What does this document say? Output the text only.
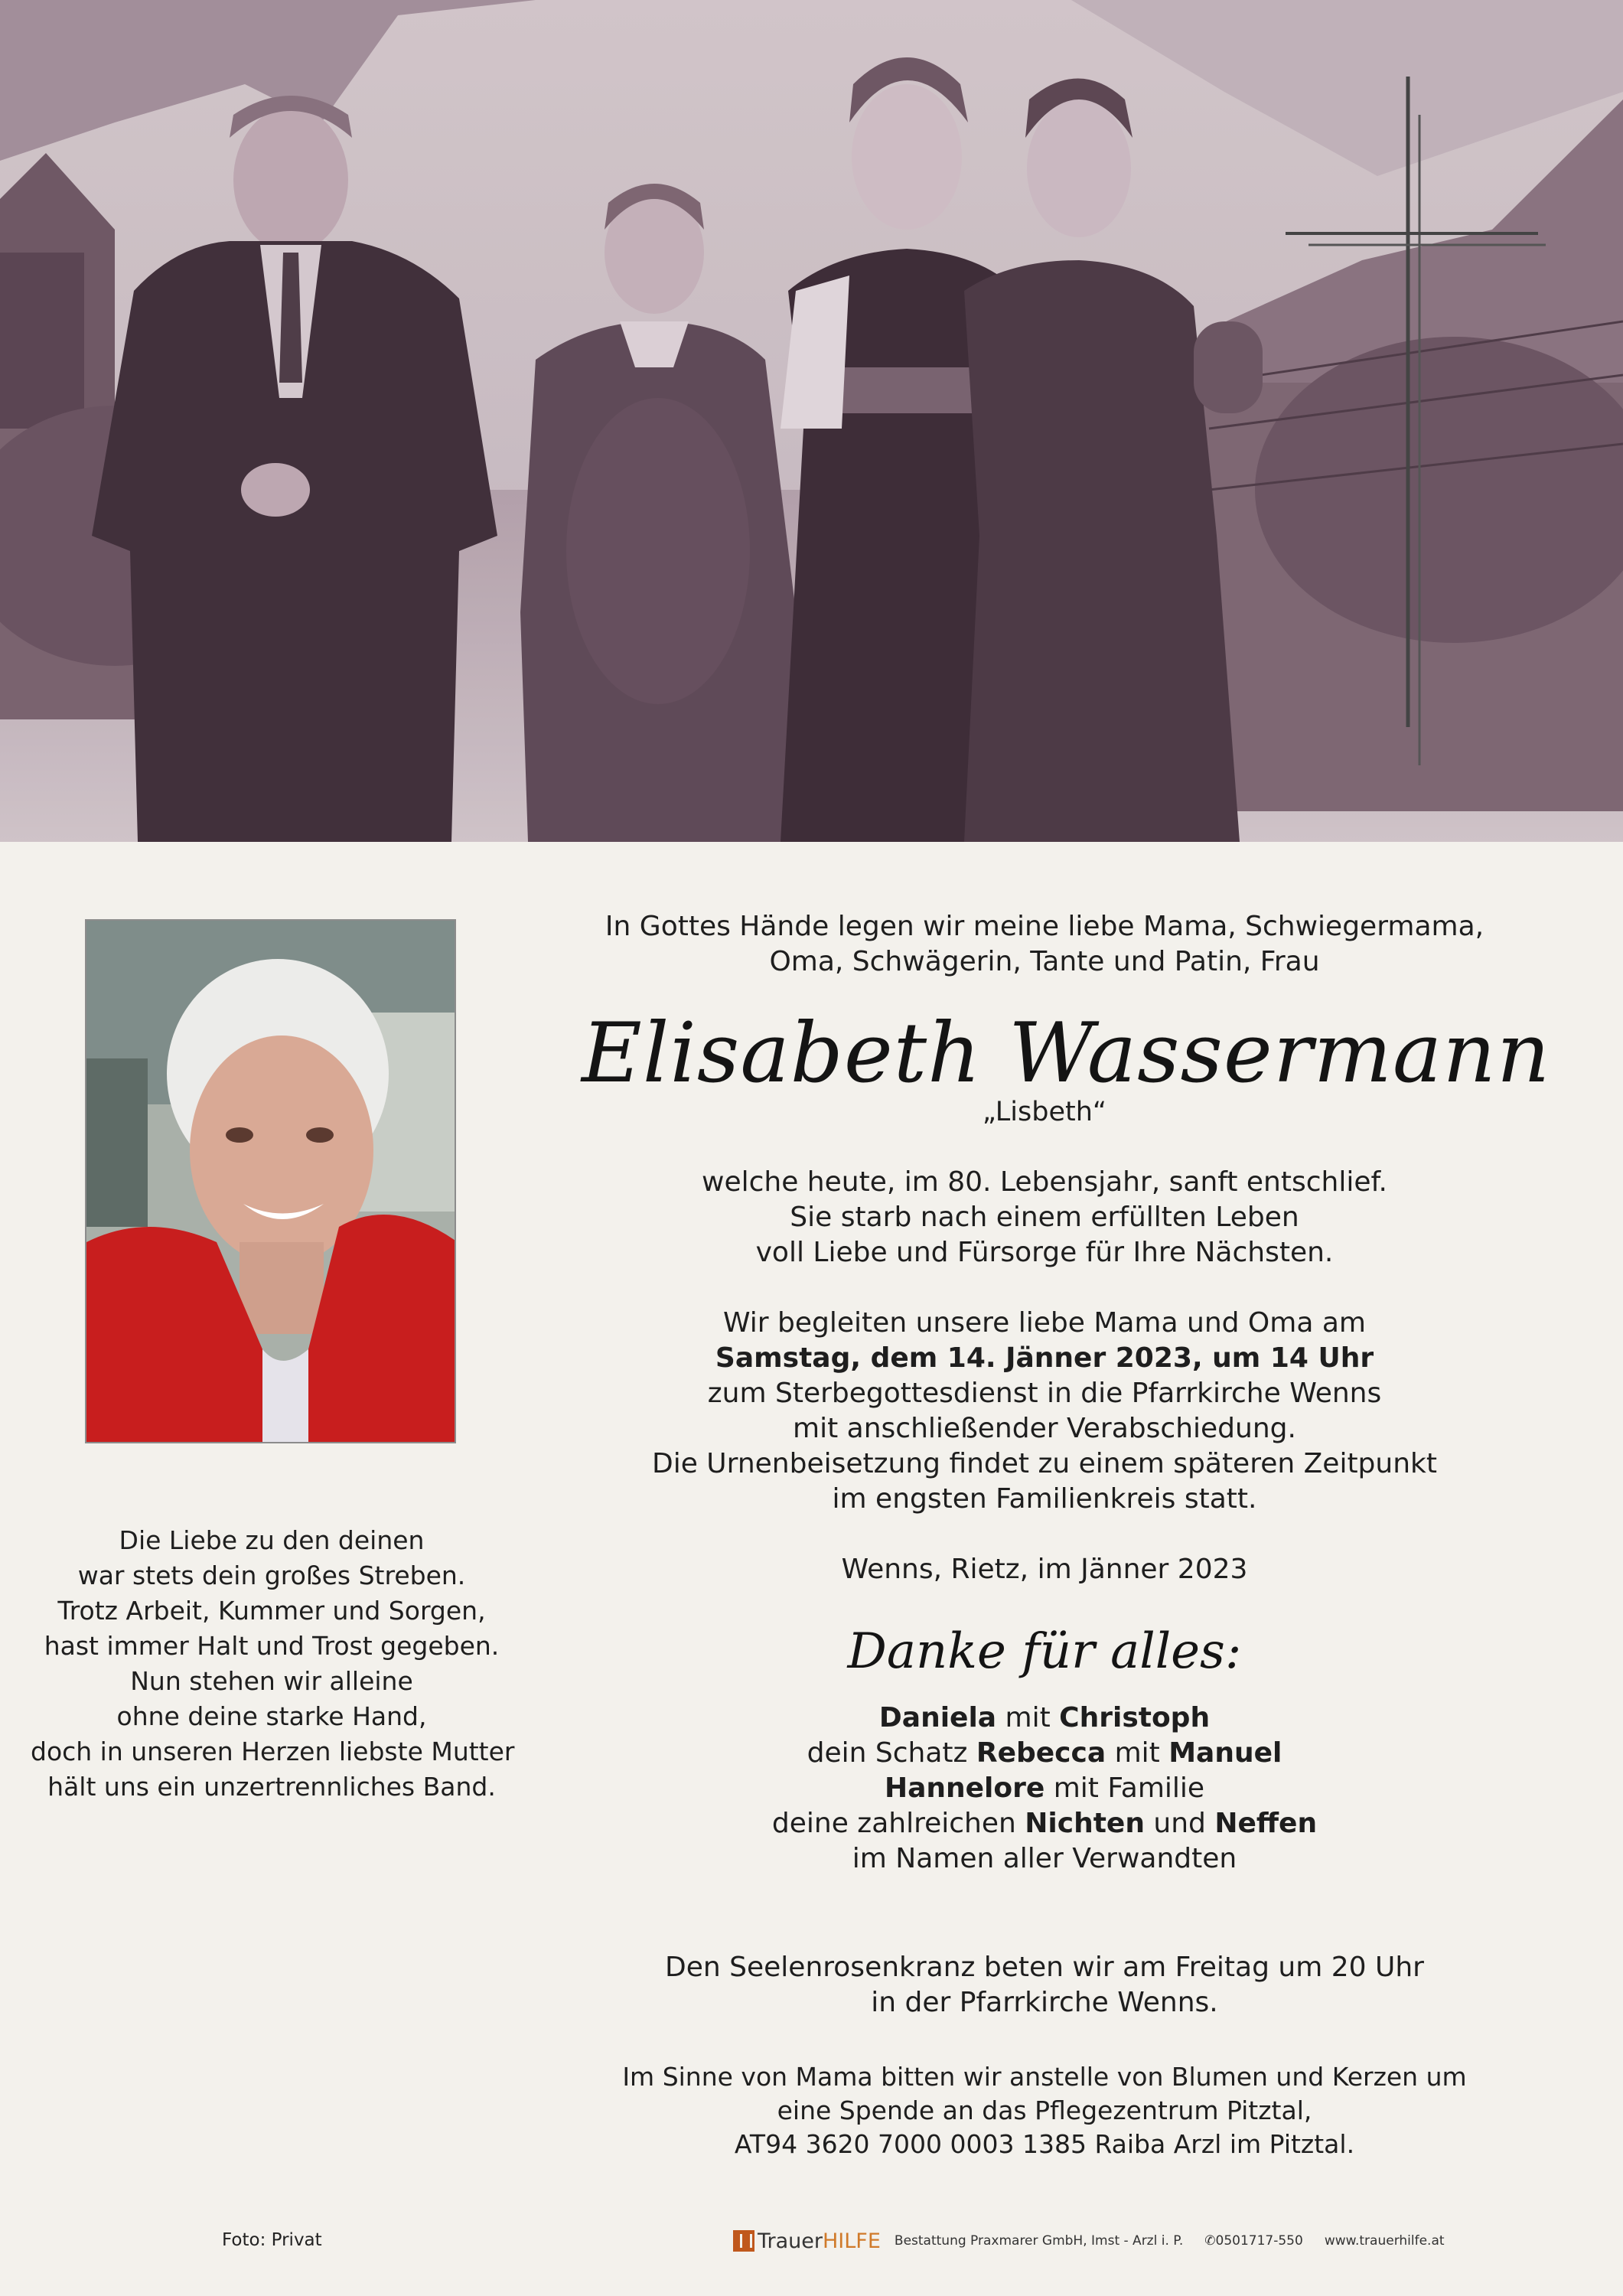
Die Liebe zu den deinen
war stets dein großes Streben.
Trotz Arbeit, Kummer und Sorgen,
hast immer Halt und Trost gegeben.
Nun stehen wir alleine
ohne deine starke Hand,
doch in unseren Herzen liebste Mutter
hält uns ein unzertrennliches Band.
Foto: Privat
In Gottes Hände legen wir meine liebe Mama, Schwiegermama,
Oma, Schwägerin, Tante und Patin, Frau
Elisabeth Wassermann
„Lisbeth“
welche heute, im 80. Lebensjahr, sanft entschlief.
Sie starb nach einem erfüllten Leben
voll Liebe und Fürsorge für Ihre Nächsten.
Wir begleiten unsere liebe Mama und Oma am
Samstag, dem 14. Jänner 2023, um 14 Uhr
zum Sterbegottesdienst in die Pfarrkirche Wenns
mit anschließender Verabschiedung.
Die Urnenbeisetzung findet zu einem späteren Zeitpunkt
im engsten Familienkreis statt.
Wenns, Rietz, im Jänner 2023
Danke für alles:
Daniela mit Christoph
dein Schatz Rebecca mit Manuel
Hannelore mit Familie
deine zahlreichen Nichten und Neffen
im Namen aller Verwandten
Den Seelenrosenkranz beten wir am Freitag um 20 Uhr
in der Pfarrkirche Wenns.
Im Sinne von Mama bitten wir anstelle von Blumen und Kerzen um
eine Spende an das Pflegezentrum Pitztal,
AT94 3620 7000 0003 1385 Raiba Arzl im Pitztal.
Trauer HILFE Bestattung Praxmarer GmbH, Imst - Arzl i. P. ✆0501717-550 www.trauerhilfe.at
